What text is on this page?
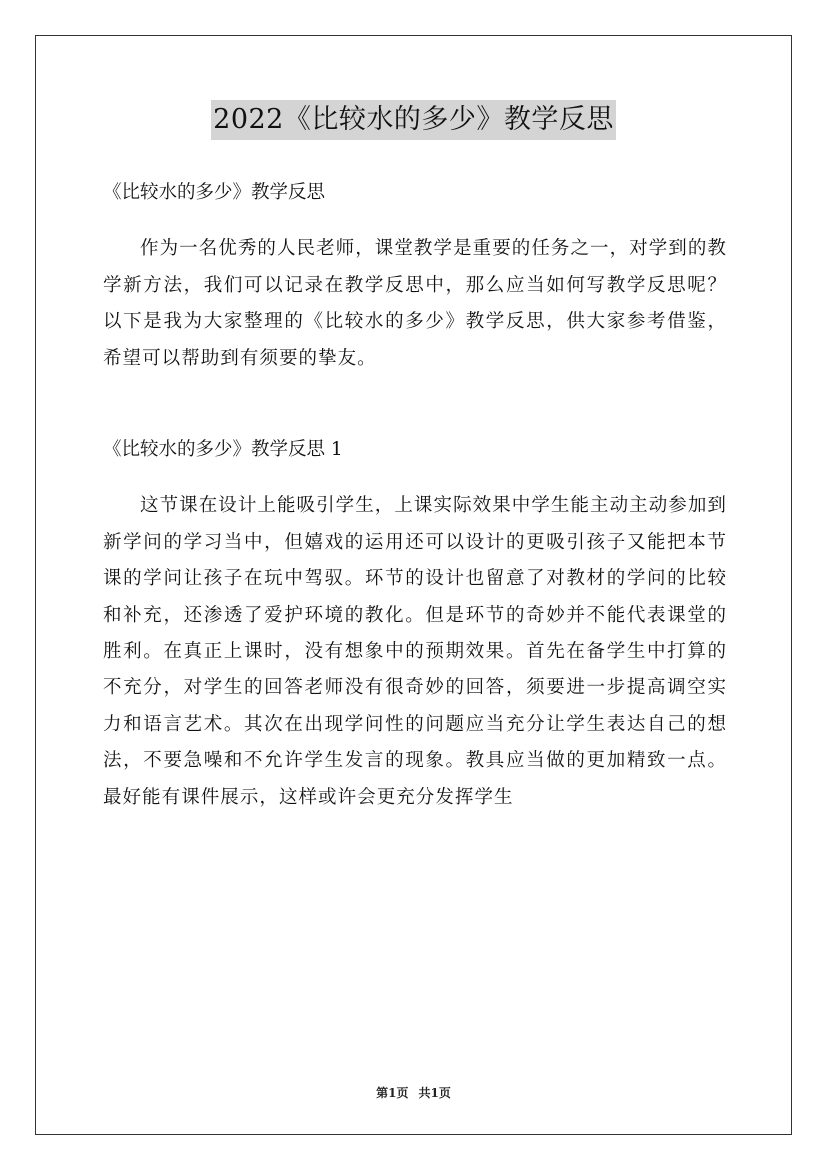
2022《比较水的多少》教学反思

《比较水的多少》教学反思

作为一名优秀的人民老师，课堂教学是重要的任务之一，对学到的教学新方法，我们可以记录在教学反思中，那么应当如何写教学反思呢？以下是我为大家整理的《比较水的多少》教学反思，供大家参考借鉴，希望可以帮助到有须要的挚友。

《比较水的多少》教学反思 1

这节课在设计上能吸引学生，上课实际效果中学生能主动主动参加到新学问的学习当中，但嬉戏的运用还可以设计的更吸引孩子又能把本节课的学问让孩子在玩中驾驭。环节的设计也留意了对教材的学问的比较和补充，还渗透了爱护环境的教化。但是环节的奇妙并不能代表课堂的胜利。在真正上课时，没有想象中的预期效果。首先在备学生中打算的不充分，对学生的回答老师没有很奇妙的回答，须要进一步提高调空实力和语言艺术。其次在出现学问性的问题应当充分让学生表达自己的想法，不要急噪和不允许学生发言的现象。教具应当做的更加精致一点。最好能有课件展示，这样或许会更充分发挥学生

第1页 共1页
